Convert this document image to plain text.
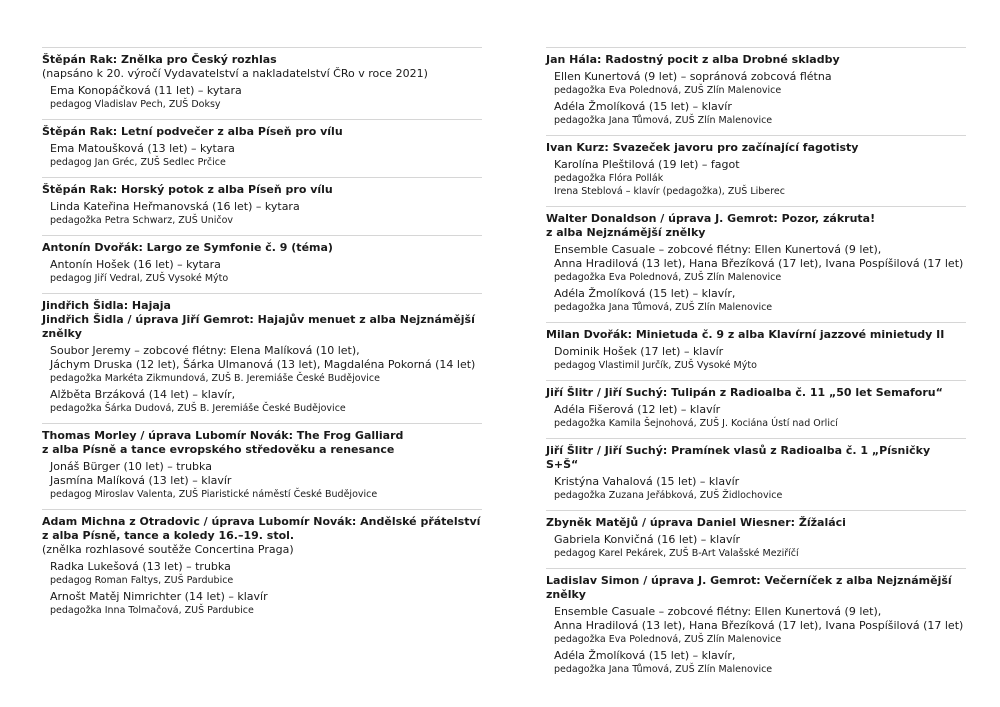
Štěpán Rak: Znělka pro Český rozhlas
(napsáno k 20. výročí Vydavatelství a nakladatelství ČRo v roce 2021)
Ema Konopáčková (11 let) – kytara
pedagog Vladislav Pech, ZUŠ Doksy
Štěpán Rak: Letní podvečer z alba Píseň pro vílu
Ema Matoušková (13 let) – kytara
pedagog Jan Gréc, ZUŠ Sedlec Prčice
Štěpán Rak: Horský potok z alba Píseň pro vílu
Linda Kateřina Heřmanovská (16 let) – kytara
pedagožka Petra Schwarz, ZUŠ Uničov
Antonín Dvořák: Largo ze Symfonie č. 9 (téma)
Antonín Hošek (16 let) – kytara
pedagog Jiří Vedral, ZUŠ Vysoké Mýto
Jindřich Šidla: Hajaja
Jindřich Šidla / úprava Jiří Gemrot: Hajajův menuet z alba Nejznámější znělky
Soubor Jeremy – zobcové flétny: Elena Malíková (10 let),
Jáchym Druska (12 let), Šárka Ulmanová (13 let), Magdaléna Pokorná (14 let)
pedagožka Markéta Zikmundová, ZUŠ B. Jeremiáše České Budějovice
Alžběta Brzáková (14 let) – klavír,
pedagožka Šárka Dudová, ZUŠ B. Jeremiáše České Budějovice
Thomas Morley / úprava Lubomír Novák: The Frog Galliard
z alba Písně a tance evropského středověku a renesance
Jonáš Bürger (10 let) – trubka
Jasmína Malíková (13 let) – klavír
pedagog Miroslav Valenta, ZUŠ Piaristické náměstí České Budějovice
Adam Michna z Otradovic / úprava Lubomír Novák: Andělské přátelství
z alba Písně, tance a koledy 16.–19. stol.
(znělka rozhlasové soutěže Concertina Praga)
Radka Lukešová (13 let) – trubka
pedagog Roman Faltys, ZUŠ Pardubice
Arnošt Matěj Nimrichter (14 let) – klavír
pedagožka Inna Tolmačová, ZUŠ Pardubice
Jan Hála: Radostný pocit z alba Drobné skladby
Ellen Kunertová (9 let) – sopránová zobcová flétna
pedagožka Eva Polednová, ZUŠ Zlín Malenovice
Adéla Žmolíková (15 let) – klavír
pedagožka Jana Tůmová, ZUŠ Zlín Malenovice
Ivan Kurz: Svazeček javoru pro začínající fagotisty
Karolína Pleštilová (19 let) – fagot
pedagožka Flóra Pollák
Irena Steblová – klavír (pedagožka), ZUŠ Liberec
Walter Donaldson / úprava J. Gemrot: Pozor, zákruta!
z alba Nejznámější znělky
Ensemble Casuale – zobcové flétny: Ellen Kunertová (9 let),
Anna Hradilová (13 let), Hana Březíková (17 let), Ivana Pospíšilová (17 let)
pedagožka Eva Polednová, ZUŠ Zlín Malenovice
Adéla Žmolíková (15 let) – klavír,
pedagožka Jana Tůmová, ZUŠ Zlín Malenovice
Milan Dvořák: Minietuda č. 9 z alba Klavírní jazzové minietudy II
Dominik Hošek (17 let) – klavír
pedagog Vlastimil Jurčík, ZUŠ Vysoké Mýto
Jiří Šlitr / Jiří Suchý: Tulipán z Radioalba č. 11 „50 let Semaforu“
Adéla Fišerová (12 let) – klavír
pedagožka Kamila Šejnohová, ZUŠ J. Kociána Ústí nad Orlicí
Jiří Šlitr / Jiří Suchý: Pramínek vlasů z Radioalba č. 1 „Písničky S+Š“
Kristýna Vahalová (15 let) – klavír
pedagožka Zuzana Jeřábková, ZUŠ Židlochovice
Zbyněk Matějů / úprava Daniel Wiesner: Žížaláci
Gabriela Konvičná (16 let) – klavír
pedagog Karel Pekárek, ZUŠ B-Art Valašské Meziříčí
Ladislav Simon / úprava J. Gemrot: Večerníček z alba Nejznámější znělky
Ensemble Casuale – zobcové flétny: Ellen Kunertová (9 let),
Anna Hradilová (13 let), Hana Březíková (17 let), Ivana Pospíšilová (17 let)
pedagožka Eva Polednová, ZUŠ Zlín Malenovice
Adéla Žmolíková (15 let) – klavír,
pedagožka Jana Tůmová, ZUŠ Zlín Malenovice
